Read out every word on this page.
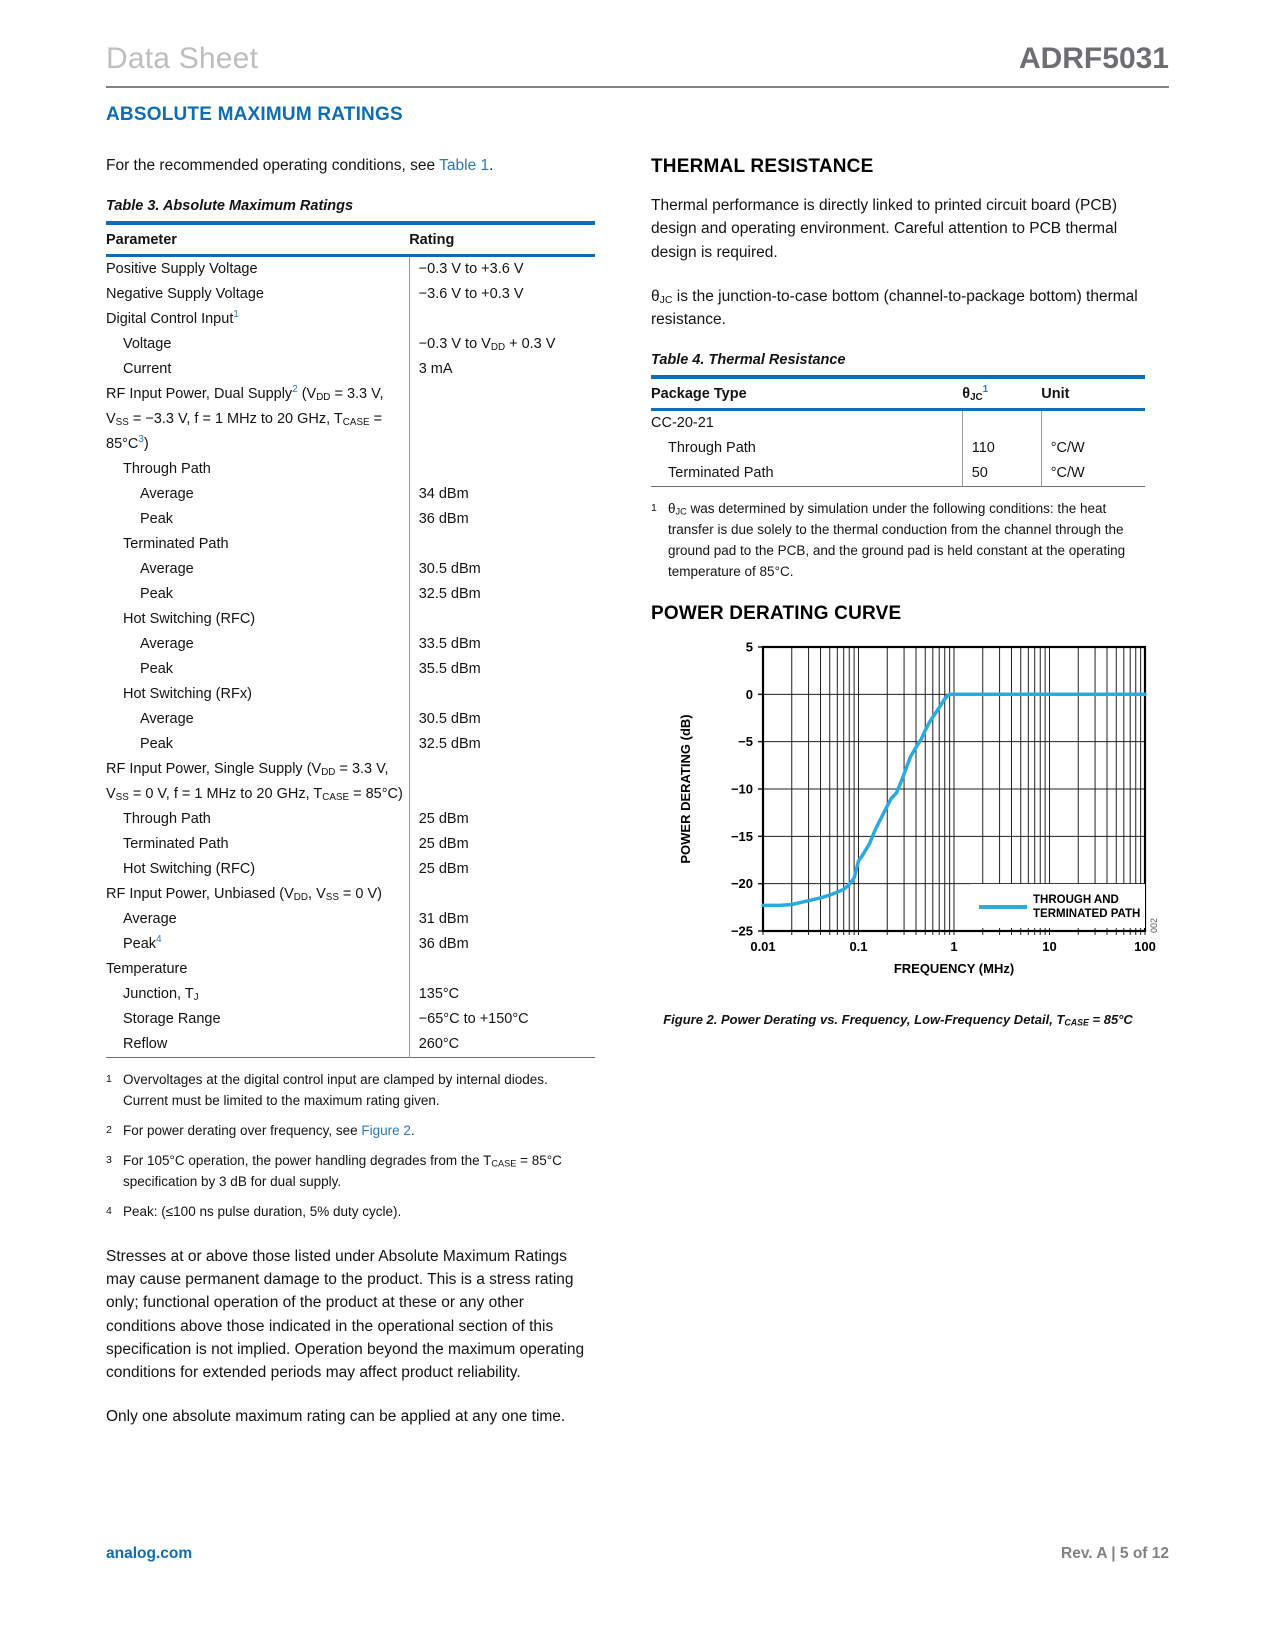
Data Sheet	ADRF5031
ABSOLUTE MAXIMUM RATINGS

For the recommended operating conditions, see Table 1.

Table 3. Absolute Maximum Ratings
Parameter	Rating
Positive Supply Voltage	−0.3 V to +3.6 V
Negative Supply Voltage	−3.6 V to +0.3 V
Digital Control Input$^1$	
Voltage	−0.3 V to $V_{DD} + 0.3$ V
Current	3 mA
RF Input Power, Dual Supply$^2$ ($V_{DD} = 3.3$ V, $V_{SS} = -3.3$ V, f = 1 MHz to 20 GHz, $T_{CASE} = 85^\circ C^3$)	
Through Path	
Average	34 dBm
Peak	36 dBm
Terminated Path	
Average	30.5 dBm
Peak	32.5 dBm
Hot Switching (RFC)	
Average	33.5 dBm
Peak	35.5 dBm
Hot Switching (RFx)	
Average	30.5 dBm
Peak	32.5 dBm
RF Input Power, Single Supply ($V_{DD} = 3.3$ V, $V_{SS} = 0$ V, f = 1 MHz to 20 GHz, $T_{CASE} = 85^\circ C$)	
Through Path	25 dBm
Terminated Path	25 dBm
Hot Switching (RFC)	25 dBm
RF Input Power, Unbiased ($V_{DD}$, $V_{SS} = 0$ V)	
Average	31 dBm
Peak$^4$	36 dBm
Temperature	
Junction, $T_J$	135°C
Storage Range	−65°C to +150°C
Reflow	260°C
1 Overvoltages at the digital control input are clamped by internal diodes. Current must be limited to the maximum rating given.
2 For power derating over frequency, see Figure 2.
3 For 105°C operation, the power handling degrades from the $T_{CASE} = 85^\circ C$ specification by 3 dB for dual supply.
4 Peak: (≤100 ns pulse duration, 5% duty cycle).

Stresses at or above those listed under Absolute Maximum Ratings may cause permanent damage to the product. This is a stress rating only; functional operation of the product at these or any other conditions above those indicated in the operational section of this specification is not implied. Operation beyond the maximum operating conditions for extended periods may affect product reliability.

Only one absolute maximum rating can be applied at any one time.

THERMAL RESISTANCE

Thermal performance is directly linked to printed circuit board (PCB) design and operating environment. Careful attention to PCB thermal design is required.

$\theta_{JC}$ is the junction-to-case bottom (channel-to-package bottom) thermal resistance.

Table 4. Thermal Resistance
Package Type	$\theta_{JC}^1$	Unit
CC-20-21		
Through Path	110	°C/W
Terminated Path	50	°C/W
1 $\theta_{JC}$ was determined by simulation under the following conditions: the heat transfer is due solely to the thermal conduction from the channel through the ground pad to the PCB, and the ground pad is held constant at the operating temperature of 85°C.
POWER DERATING CURVE
THROUGH AND
TERMINATED PATH
5
0
−5
−10
−15
−20
−25
0.01	0.1	1	10	100
POWER DERATING (dB)
FREQUENCY (MHz)
002
Figure 2. Power Derating vs. Frequency, Low-Frequency Detail, $T_{CASE} = 85^\circ C$
analog.com	Rev. A | 5 of 12
